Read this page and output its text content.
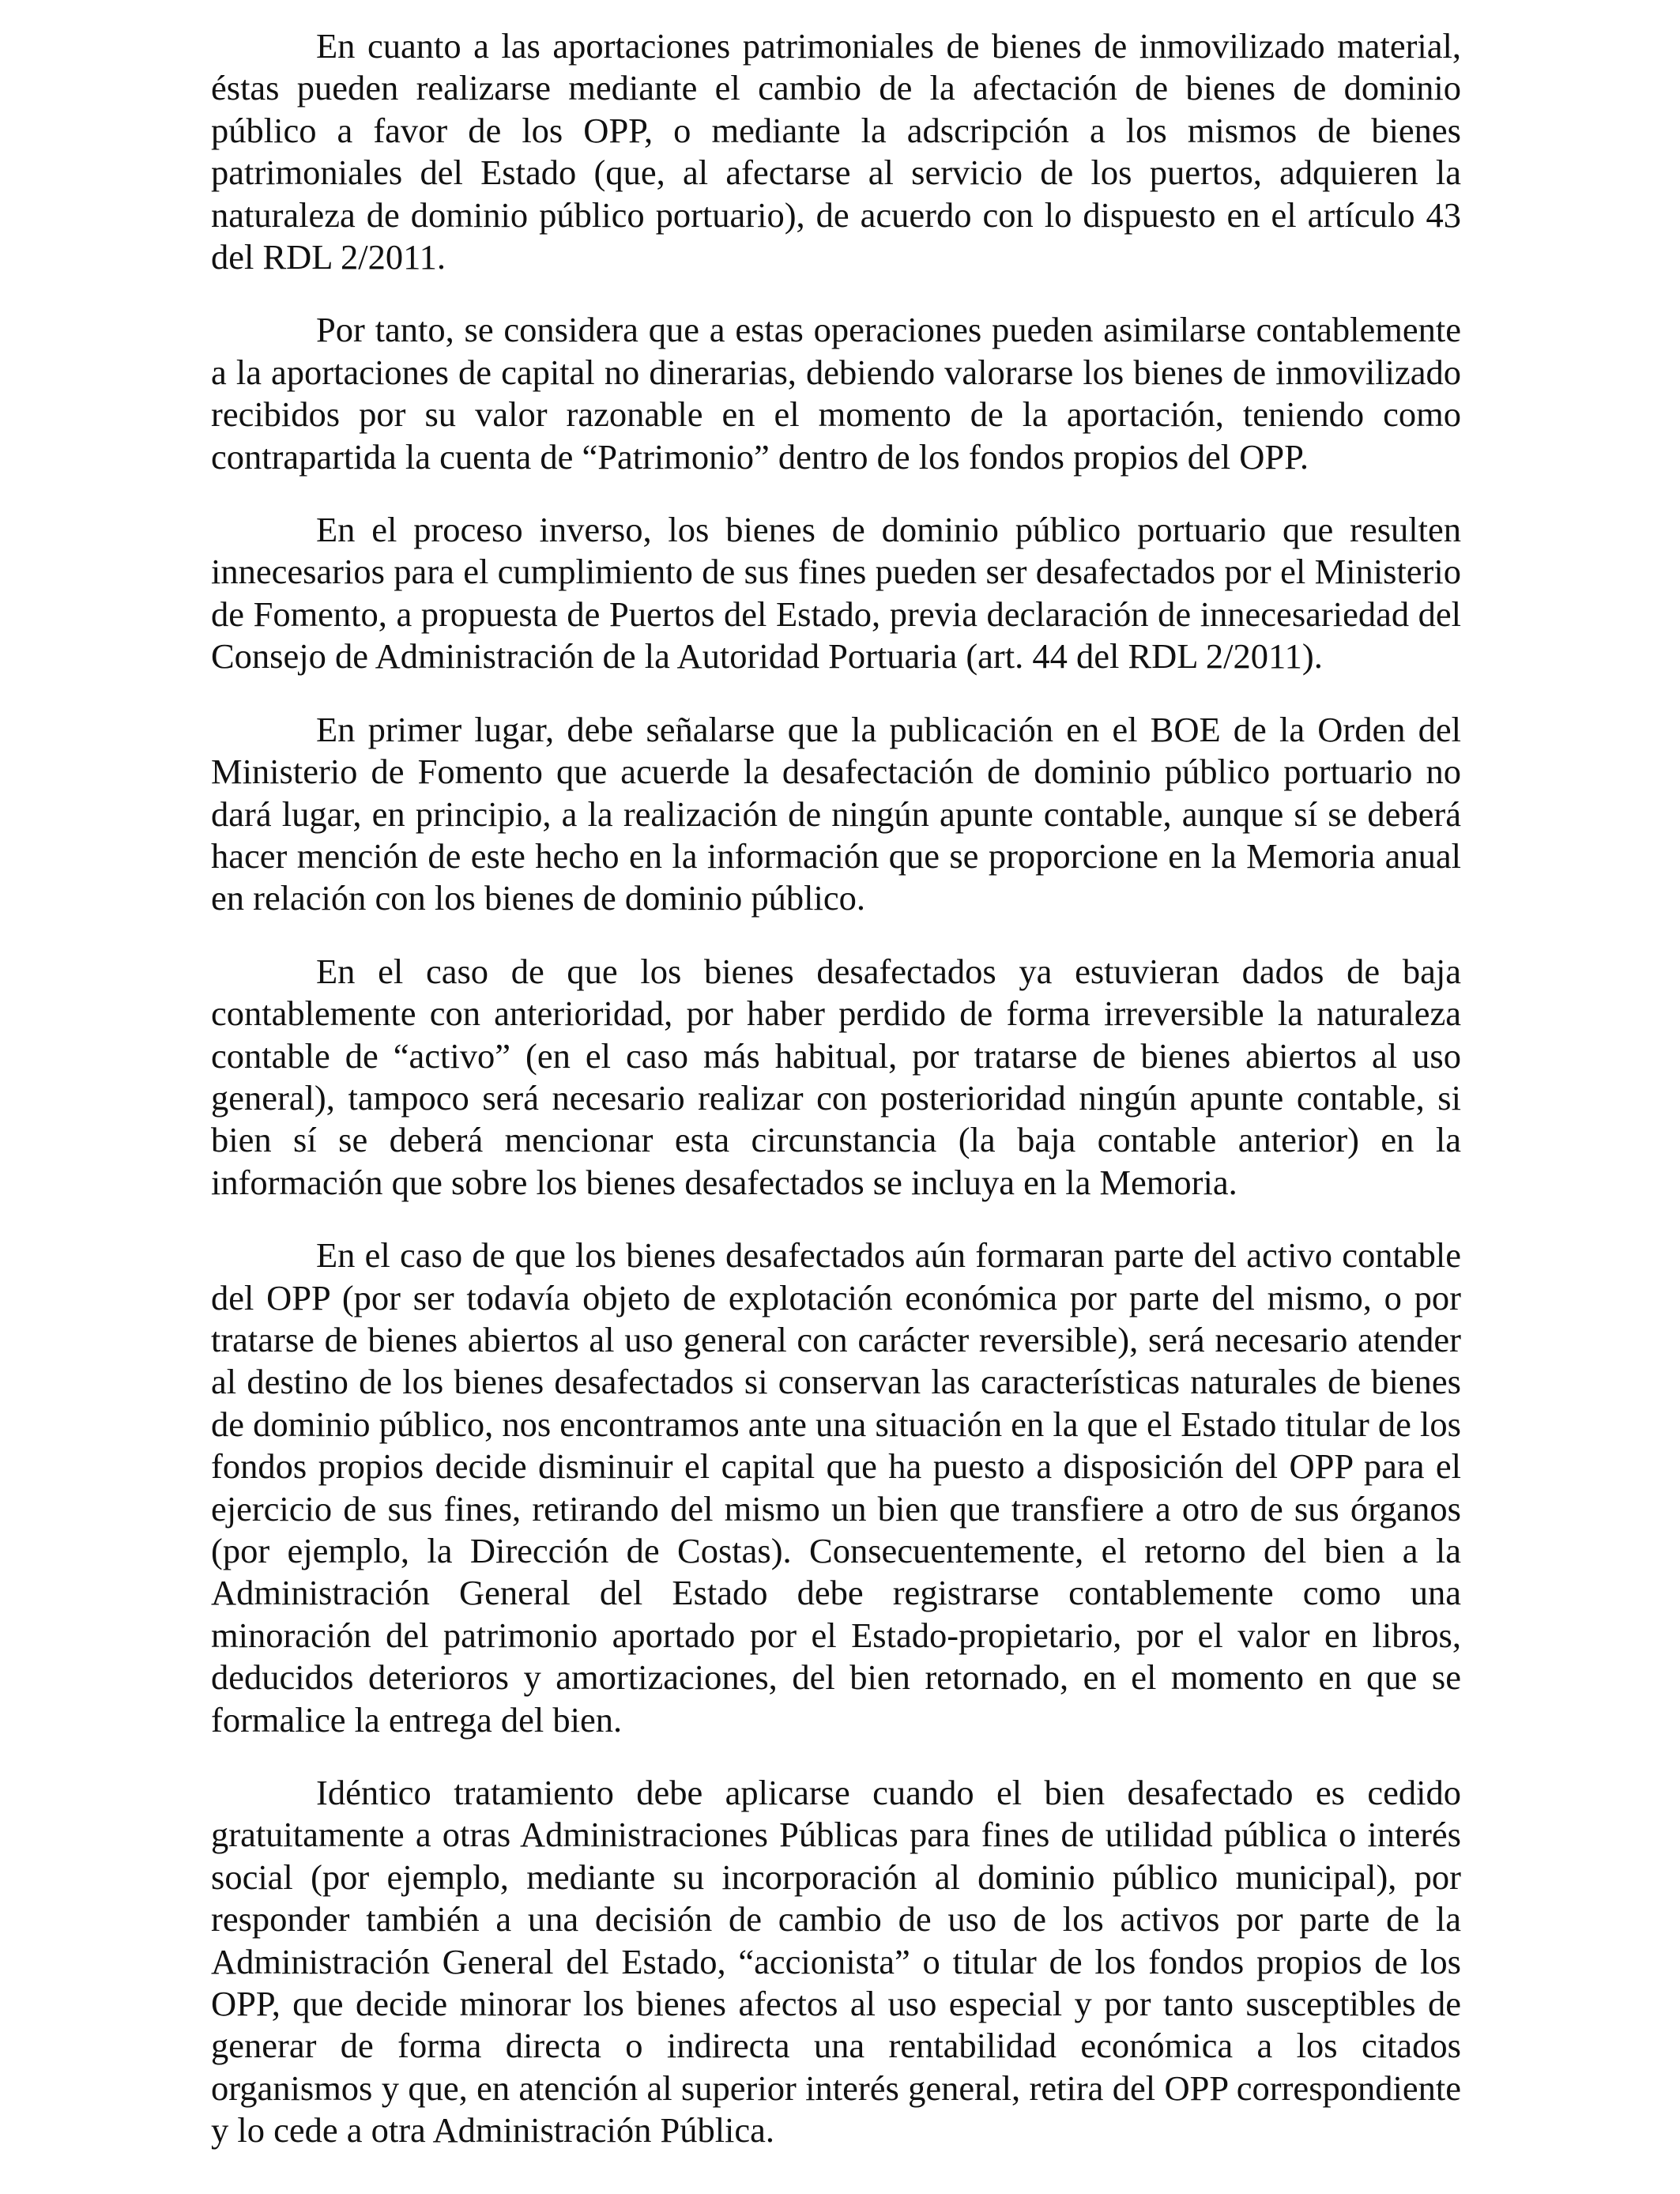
En cuanto a las aportaciones patrimoniales de bienes de inmovilizado material, éstas pueden realizarse mediante el cambio de la afectación de bienes de dominio público a favor de los OPP, o mediante la adscripción a los mismos de bienes patrimoniales del Estado (que, al afectarse al servicio de los puertos, adquieren la naturaleza de dominio público portuario), de acuerdo con lo dispuesto en el artículo 43 del RDL 2/2011.

Por tanto, se considera que a estas operaciones pueden asimilarse contablemente a la aportaciones de capital no dinerarias, debiendo valorarse los bienes de inmovilizado recibidos por su valor razonable en el momento de la aportación, teniendo como contrapartida la cuenta de “Patrimonio” dentro de los fondos propios del OPP.

En el proceso inverso, los bienes de dominio público portuario que resulten innecesarios para el cumplimiento de sus fines pueden ser desafectados por el Ministerio de Fomento, a propuesta de Puertos del Estado, previa declaración de innecesariedad del Consejo de Administración de la Autoridad Portuaria (art. 44 del RDL 2/2011).

En primer lugar, debe señalarse que la publicación en el BOE de la Orden del Ministerio de Fomento que acuerde la desafectación de dominio público portuario no dará lugar, en principio, a la realización de ningún apunte contable, aunque sí se deberá hacer mención de este hecho en la información que se proporcione en la Memoria anual en relación con los bienes de dominio público.

En el caso de que los bienes desafectados ya estuvieran dados de baja contablemente con anterioridad, por haber perdido de forma irreversible la naturaleza contable de “activo” (en el caso más habitual, por tratarse de bienes abiertos al uso general), tampoco será necesario realizar con posterioridad ningún apunte contable, si bien sí se deberá mencionar esta circunstancia (la baja contable anterior) en la información que sobre los bienes desafectados se incluya en la Memoria.

En el caso de que los bienes desafectados aún formaran parte del activo contable del OPP (por ser todavía objeto de explotación económica por parte del mismo, o por tratarse de bienes abiertos al uso general con carácter reversible), será necesario atender al destino de los bienes desafectados si conservan las características naturales de bienes de dominio público, nos encontramos ante una situación en la que el Estado titular de los fondos propios decide disminuir el capital que ha puesto a disposición del OPP para el ejercicio de sus fines, retirando del mismo un bien que transfiere a otro de sus órganos (por ejemplo, la Dirección de Costas). Consecuentemente, el retorno del bien a la Administración General del Estado debe registrarse contablemente como una minoración del patrimonio aportado por el Estado-propietario, por el valor en libros, deducidos deterioros y amortizaciones, del bien retornado, en el momento en que se formalice la entrega del bien.

Idéntico tratamiento debe aplicarse cuando el bien desafectado es cedido gratuitamente a otras Administraciones Públicas para fines de utilidad pública o interés social (por ejemplo, mediante su incorporación al dominio público municipal), por responder también a una decisión de cambio de uso de los activos por parte de la Administración General del Estado, “accionista” o titular de los fondos propios de los OPP, que decide minorar los bienes afectos al uso especial y por tanto susceptibles de generar de forma directa o indirecta una rentabilidad económica a los citados organismos y que, en atención al superior interés general, retira del OPP correspondiente y lo cede a otra Administración Pública.
